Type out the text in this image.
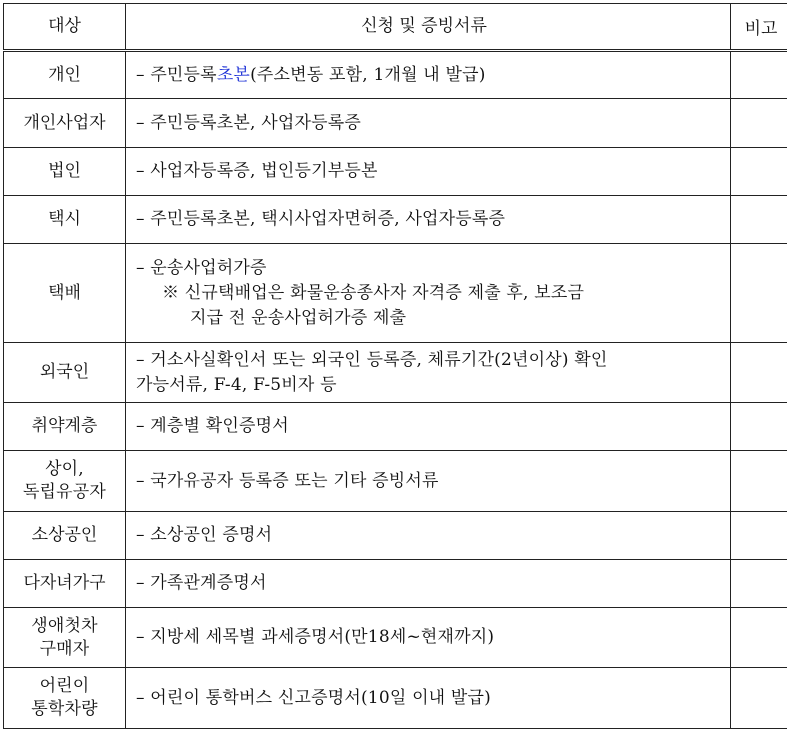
대상	신청 및 증빙서류	비고
개인	– 주민등록초본(주소변동 포함, 1개월 내 발급)	

개인사업자	– 주민등록초본, 사업자등록증	

법인	– 사업자등록증, 법인등기부등본	

택시	– 주민등록초본, 택시사업자면허증, 사업자등록증	

택배	– 운송사업허가증
※ 신규택배업은 화물운송종사자 자격증 제출 후, 보조금
지급 전 운송사업허가증 제출	

외국인	– 거소사실확인서 또는 외국인 등록증, 체류기간(2년이상) 확인
가능서류, F-4, F-5비자 등	

취약계층	– 계층별 확인증명서	

상이,
독립유공자	– 국가유공자 등록증 또는 기타 증빙서류	

소상공인	– 소상공인 증명서	

다자녀가구	– 가족관계증명서	

생애첫차
구매자	– 지방세 세목별 과세증명서(만18세~현재까지)	

어린이
통학차량	– 어린이 통학버스 신고증명서(10일 이내 발급)	
